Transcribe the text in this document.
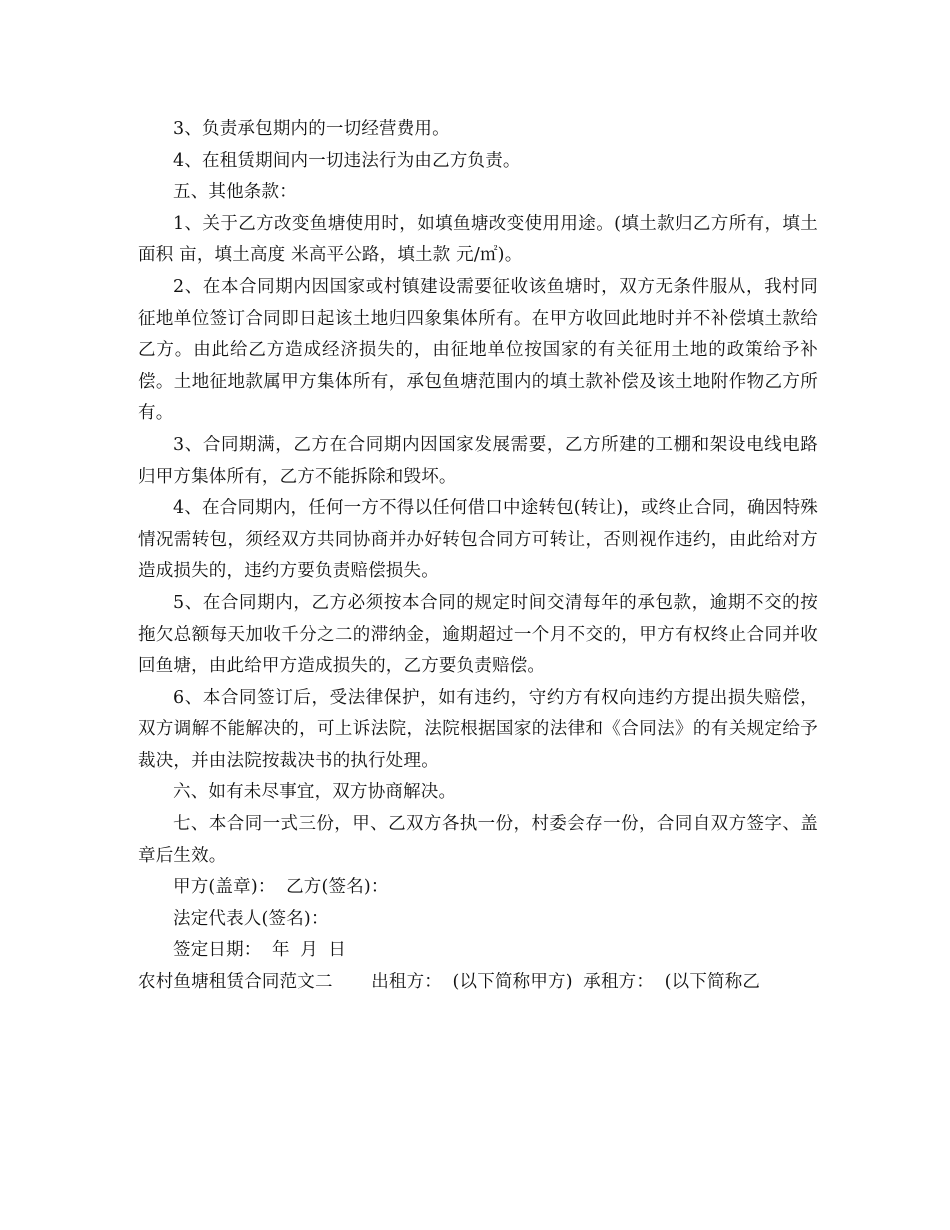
3、负责承包期内的一切经营费用。

4、在租赁期间内一切违法行为由乙方负责。

五、其他条款：

1、关于乙方改变鱼塘使用时，如填鱼塘改变使用用途。(填土款归乙方所有，填土面积 亩，填土高度 米高平公路，填土款 元/㎡)。

2、在本合同期内因国家或村镇建设需要征收该鱼塘时，双方无条件服从，我村同征地单位签订合同即日起该土地归四象集体所有。在甲方收回此地时并不补偿填土款给乙方。由此给乙方造成经济损失的，由征地单位按国家的有关征用土地的政策给予补偿。土地征地款属甲方集体所有，承包鱼塘范围内的填土款补偿及该土地附作物乙方所有。

3、合同期满，乙方在合同期内因国家发展需要，乙方所建的工棚和架设电线电路归甲方集体所有，乙方不能拆除和毁坏。

4、在合同期内，任何一方不得以任何借口中途转包(转让)，或终止合同，确因特殊情况需转包，须经双方共同协商并办好转包合同方可转让，否则视作违约，由此给对方造成损失的，违约方要负责赔偿损失。

5、在合同期内，乙方必须按本合同的规定时间交清每年的承包款，逾期不交的按拖欠总额每天加收千分之二的滞纳金，逾期超过一个月不交的，甲方有权终止合同并收回鱼塘，由此给甲方造成损失的，乙方要负责赔偿。

6、本合同签订后，受法律保护，如有违约，守约方有权向违约方提出损失赔偿，双方调解不能解决的，可上诉法院，法院根据国家的法律和《合同法》的有关规定给予裁决，并由法院按裁决书的执行处理。

六、如有未尽事宜，双方协商解决。

七、本合同一式三份，甲、乙双方各执一份，村委会存一份，合同自双方签字、盖章后生效。

甲方(盖章)： 乙方(签名)：

法定代表人(签名)：

签定日期： 年 月 日

农村鱼塘租赁合同范文二 出租方： (以下简称甲方) 承租方： (以下简称乙
